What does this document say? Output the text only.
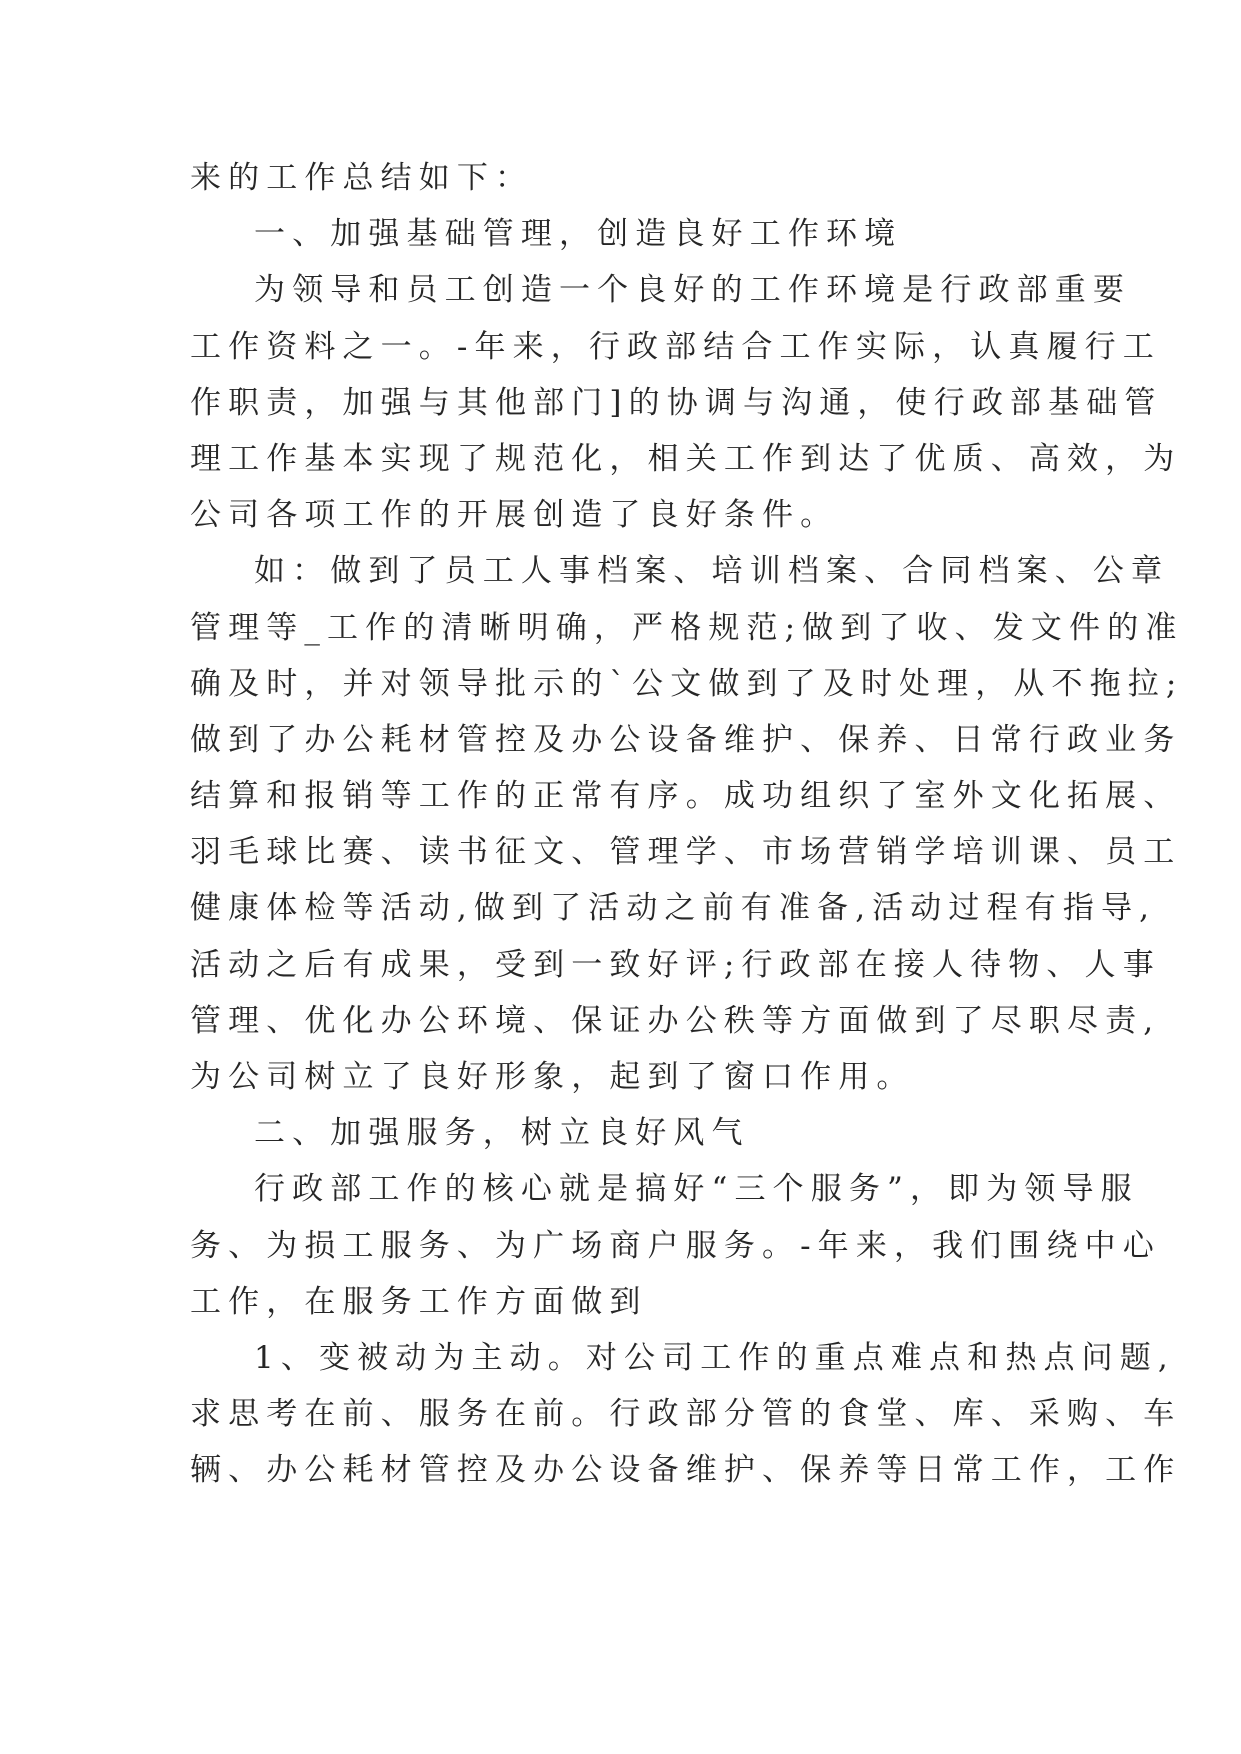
来的工作总结如下：

一、加强基础管理，创造良好工作环境

为领导和员工创造一个良好的工作环境是行政部重要

工作资料之一。-年来，行政部结合工作实际，认真履行工

作职责，加强与其他部门]的协调与沟通，使行政部基础管

理工作基本实现了规范化，相关工作到达了优质、高效，为

公司各项工作的开展创造了良好条件。

如：做到了员工人事档案、培训档案、合同档案、公章

管理等_工作的清晰明确，严格规范;做到了收、发文件的准

确及时，并对领导批示的`公文做到了及时处理，从不拖拉;

做到了办公耗材管控及办公设备维护、保养、日常行政业务

结算和报销等工作的正常有序。成功组织了室外文化拓展、

羽毛球比赛、读书征文、管理学、市场营销学培训课、员工

健康体检等活动,做到了活动之前有准备,活动过程有指导,

活动之后有成果，受到一致好评;行政部在接人待物、人事

管理、优化办公环境、保证办公秩等方面做到了尽职尽责,

为公司树立了良好形象，起到了窗口作用。

二、加强服务，树立良好风气

行政部工作的核心就是搞好“三个服务”，即为领导服

务、为损工服务、为广场商户服务。-年来，我们围绕中心

工作，在服务工作方面做到

1、变被动为主动。对公司工作的重点难点和热点问题,

求思考在前、服务在前。行政部分管的食堂、库、采购、车

辆、办公耗材管控及办公设备维护、保养等日常工作，工作
